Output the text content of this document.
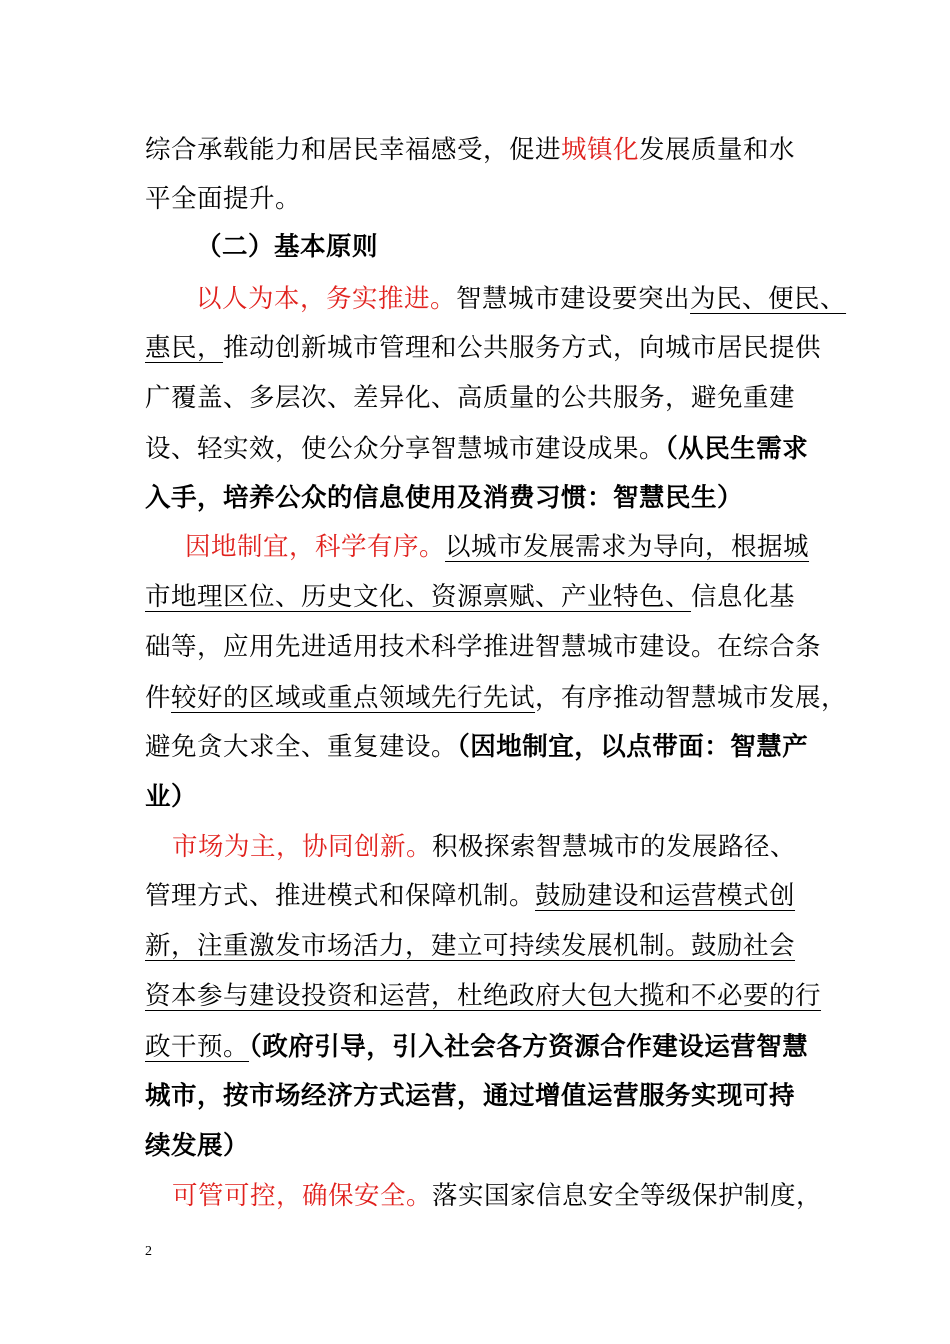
综合承载能力和居民幸福感受，促进城镇化发展质量和水
平全面提升。
（二）基本原则
以人为本，务实推进。智慧城市建设要突出为民、便民、
惠民，推动创新城市管理和公共服务方式，向城市居民提供
广覆盖、多层次、差异化、高质量的公共服务，避免重建
设、轻实效，使公众分享智慧城市建设成果。（从民生需求
入手，培养公众的信息使用及消费习惯：智慧民生）
因地制宜，科学有序。以城市发展需求为导向，根据城
市地理区位、历史文化、资源禀赋、产业特色、信息化基
础等，应用先进适用技术科学推进智慧城市建设。在综合条
件较好的区域或重点领域先行先试，有序推动智慧城市发展，
避免贪大求全、重复建设。（因地制宜，以点带面：智慧产
业）
市场为主，协同创新。积极探索智慧城市的发展路径、
管理方式、推进模式和保障机制。鼓励建设和运营模式创
新，注重激发市场活力，建立可持续发展机制。鼓励社会
资本参与建设投资和运营，杜绝政府大包大揽和不必要的行
政干预。（政府引导，引入社会各方资源合作建设运营智慧
城市，按市场经济方式运营，通过增值运营服务实现可持
续发展）
可管可控，确保安全。落实国家信息安全等级保护制度，
2
